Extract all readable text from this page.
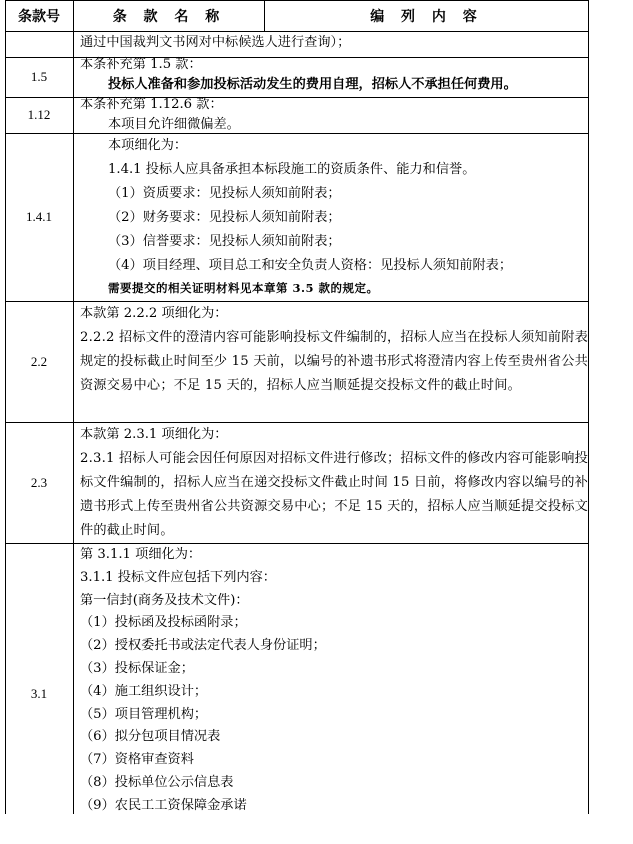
条款号	条 款 名 称	编 列 内 容
通过中国裁判文书网对中标候选人进行查询）；
1.5
本条补充第 1.5 款：
投标人准备和参加投标活动发生的费用自理，招标人不承担任何费用。
1.12
本条补充第 1.12.6 款：
本项目允许细微偏差。
1.4.1
本项细化为：
1.4.1 投标人应具备承担本标段施工的资质条件、能力和信誉。
（1）资质要求：见投标人须知前附表；
（2）财务要求：见投标人须知前附表；
（3）信誉要求：见投标人须知前附表；
（4）项目经理、项目总工和安全负责人资格：见投标人须知前附表；
需要提交的相关证明材料见本章第 3.5 款的规定。
2.2
本款第 2.2.2 项细化为：
2.2.2 招标文件的澄清内容可能影响投标文件编制的，招标人应当在投标人须知前附表规定的投标截止时间至少 15 天前，以编号的补遗书形式将澄清内容上传至贵州省公共资源交易中心；不足 15 天的，招标人应当顺延提交投标文件的截止时间。
2.3
本款第 2.3.1 项细化为：
2.3.1 招标人可能会因任何原因对招标文件进行修改；招标文件的修改内容可能影响投标文件编制的，招标人应当在递交投标文件截止时间 15 日前，将修改内容以编号的补遗书形式上传至贵州省公共资源交易中心；不足 15 天的，招标人应当顺延提交投标文件的截止时间。
3.1
第 3.1.1 项细化为：
3.1.1 投标文件应包括下列内容：
第一信封(商务及技术文件)：
（1）投标函及投标函附录；
（2）授权委托书或法定代表人身份证明；
（3）投标保证金；
（4）施工组织设计；
（5）项目管理机构；
（6）拟分包项目情况表
（7）资格审查资料
（8）投标单位公示信息表
（9）农民工工资保障金承诺
